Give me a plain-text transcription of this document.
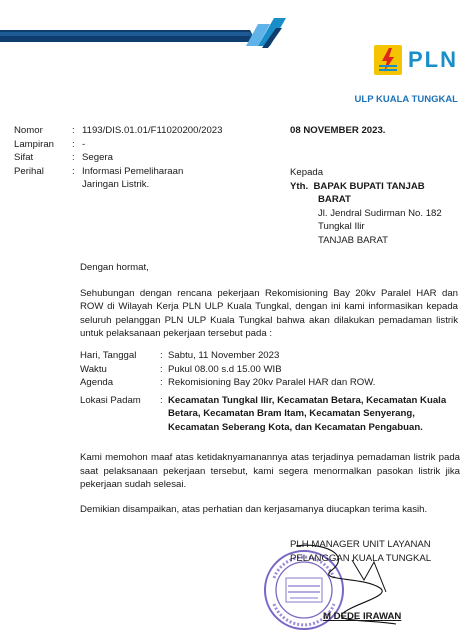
PLN
ULP KUALA TUNGKAL
Nomor	: 1193/DIS.01.01/F11020200/2023
Lampiran	: -
Sifat	: Segera
Perihal	: Informasi Pemeliharaan
Jaringan Listrik.
08 NOVEMBER 2023.
Kepada
Yth. BAPAK BUPATI TANJAB
BARAT
Jl. Jendral Sudirman No. 182
Tungkal Ilir
TANJAB BARAT
Dengan hormat,
Sehubungan dengan rencana pekerjaan Rekomisioning Bay 20kv Paralel HAR dan ROW di Wilayah Kerja PLN ULP Kuala Tungkal, dengan ini kami informasikan kepada seluruh pelanggan PLN ULP Kuala Tungkal bahwa akan dilakukan pemadaman listrik untuk pelaksanaan pekerjaan tersebut pada :
Hari, Tanggal	: Sabtu, 11 November 2023
Waktu	: Pukul 08.00 s.d 15.00 WIB
Agenda	: Rekomisioning Bay 20kv Paralel HAR dan ROW.
Lokasi Padam	: Kecamatan Tungkal Ilir, Kecamatan Betara, Kecamatan Kuala Betara, Kecamatan Bram Itam, Kecamatan Senyerang, Kecamatan Seberang Kota, dan Kecamatan Pengabuan.
Kami memohon maaf atas ketidaknyamanannya atas terjadinya pemadaman listrik pada saat pelaksanaan pekerjaan tersebut, kami segera menormalkan pasokan listrik jika pekerjaan sudah selesai.
Demikian disampaikan, atas perhatian dan kerjasamanya diucapkan terima kasih.
PLH MANAGER UNIT LAYANAN
PELANGGAN KUALA TUNGKAL
M DEDE IRAWAN
